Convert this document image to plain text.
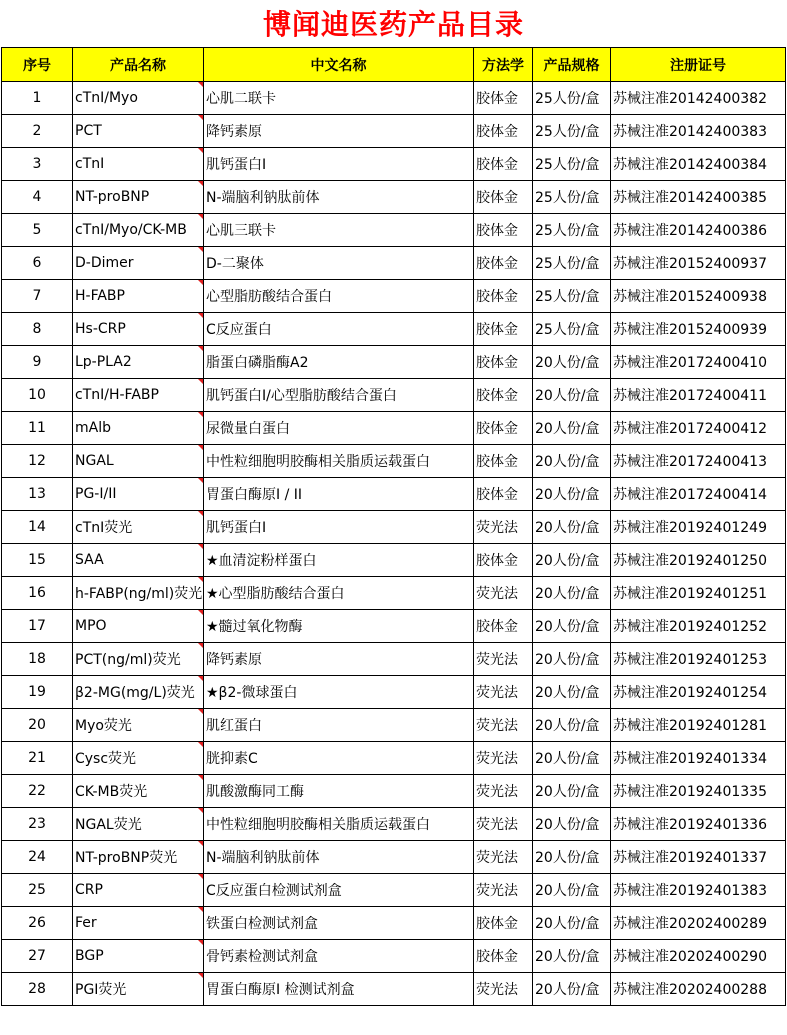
博闻迪医药产品目录
序号	产品名称	中文名称	方法学	产品规格	注册证号
1	cTnI/Myo	心肌二联卡	胶体金	25人份/盒	苏械注准20142400382
2	PCT	降钙素原	胶体金	25人份/盒	苏械注准20142400383
3	cTnI	肌钙蛋白I	胶体金	25人份/盒	苏械注准20142400384
4	NT-proBNP	N-端脑利钠肽前体	胶体金	25人份/盒	苏械注准20142400385
5	cTnI/Myo/CK-MB	心肌三联卡	胶体金	25人份/盒	苏械注准20142400386
6	D-Dimer	D-二聚体	胶体金	25人份/盒	苏械注准20152400937
7	H-FABP	心型脂肪酸结合蛋白	胶体金	25人份/盒	苏械注准20152400938
8	Hs-CRP	C反应蛋白	胶体金	25人份/盒	苏械注准20152400939
9	Lp-PLA2	脂蛋白磷脂酶A2	胶体金	20人份/盒	苏械注准20172400410
10	cTnI/H-FABP	肌钙蛋白I/心型脂肪酸结合蛋白	胶体金	20人份/盒	苏械注准20172400411
11	mAlb	尿微量白蛋白	胶体金	20人份/盒	苏械注准20172400412
12	NGAL	中性粒细胞明胶酶相关脂质运载蛋白	胶体金	20人份/盒	苏械注准20172400413
13	PG-I/II	胃蛋白酶原I / II	胶体金	20人份/盒	苏械注准20172400414
14	cTnI荧光	肌钙蛋白I	荧光法	20人份/盒	苏械注准20192401249
15	SAA	★血清淀粉样蛋白	胶体金	20人份/盒	苏械注准20192401250
16	h-FABP(ng/ml)荧光	★心型脂肪酸结合蛋白	荧光法	20人份/盒	苏械注准20192401251
17	MPO	★髓过氧化物酶	胶体金	20人份/盒	苏械注准20192401252
18	PCT(ng/ml)荧光	降钙素原	荧光法	20人份/盒	苏械注准20192401253
19	β2-MG(mg/L)荧光	★β2-微球蛋白	荧光法	20人份/盒	苏械注准20192401254
20	Myo荧光	肌红蛋白	荧光法	20人份/盒	苏械注准20192401281
21	Cysc荧光	胱抑素C	荧光法	20人份/盒	苏械注准20192401334
22	CK-MB荧光	肌酸激酶同工酶	荧光法	20人份/盒	苏械注准20192401335
23	NGAL荧光	中性粒细胞明胶酶相关脂质运载蛋白	荧光法	20人份/盒	苏械注准20192401336
24	NT-proBNP荧光	N-端脑利钠肽前体	荧光法	20人份/盒	苏械注准20192401337
25	CRP	C反应蛋白检测试剂盒	荧光法	20人份/盒	苏械注准20192401383
26	Fer	铁蛋白检测试剂盒	胶体金	20人份/盒	苏械注准20202400289
27	BGP	骨钙素检测试剂盒	胶体金	20人份/盒	苏械注准20202400290
28	PGI荧光	胃蛋白酶原I 检测试剂盒	荧光法	20人份/盒	苏械注准20202400288
